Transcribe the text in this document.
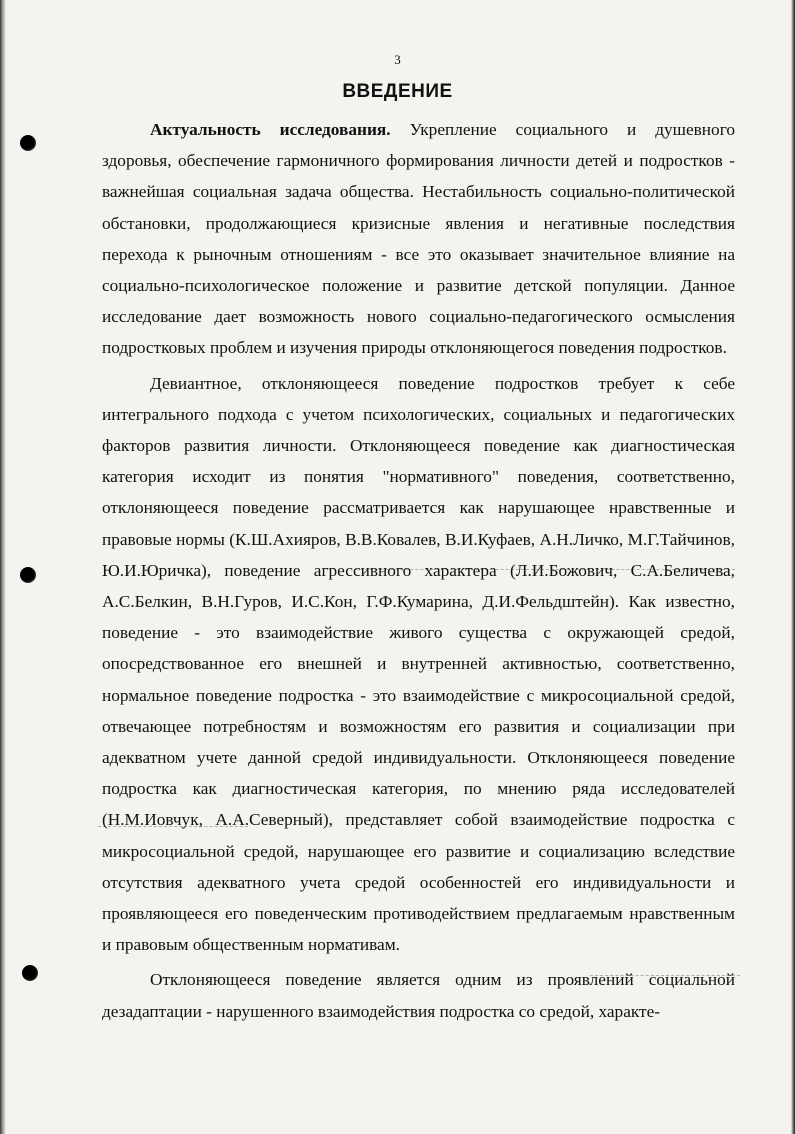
3
ВВЕДЕНИЕ

Актуальность исследования. Укрепление социального и душевного здоровья, обеспечение гармоничного формирования личности детей и подростков - важнейшая социальная задача общества. Нестабильность социально-политической обстановки, продолжающиеся кризисные явления и негативные последствия перехода к рыночным отношениям - все это оказывает значительное влияние на социально-психологическое положение и развитие детской популяции. Данное исследование дает возможность нового социально-педагогического осмысления подростковых проблем и изучения природы отклоняющегося поведения подростков.

Девиантное, отклоняющееся поведение подростков требует к себе интегрального подхода с учетом психологических, социальных и педагогических факторов развития личности. Отклоняющееся поведение как диагностическая категория исходит из понятия "нормативного" поведения, соответственно, отклоняющееся поведение рассматривается как нарушающее нравственные и правовые нормы (К.Ш.Ахияров, В.В.Ковалев, В.И.Куфаев, А.Н.Личко, М.Г.Тайчинов, Ю.И.Юричка), поведение агрессивного характера (Л.И.Божович, С.А.Беличева, А.С.Белкин, В.Н.Гуров, И.С.Кон, Г.Ф.Кумарина, Д.И.Фельдштейн). Как известно, поведение - это взаимодействие живого существа с окружающей средой, опосредствованное его внешней и внутренней активностью, соответственно, нормальное поведение подростка - это взаимодействие с микросоциальной средой, отвечающее потребностям и возможностям его развития и социализации при адекватном учете данной средой индивидуальности. Отклоняющееся поведение подростка как диагностическая категория, по мнению ряда исследователей (Н.М.Иовчук, А.А.Северный), представляет собой взаимодействие подростка с микросоциальной средой, нарушающее его развитие и социализацию вследствие отсутствия адекватного учета средой особенностей его индивидуальности и проявляющееся его поведенческим противодействием предлагаемым нравственным и правовым общественным нормативам.

Отклоняющееся поведение является одним из проявлений социальной дезадаптации - нарушенного взаимодействия подростка со средой, характе-
